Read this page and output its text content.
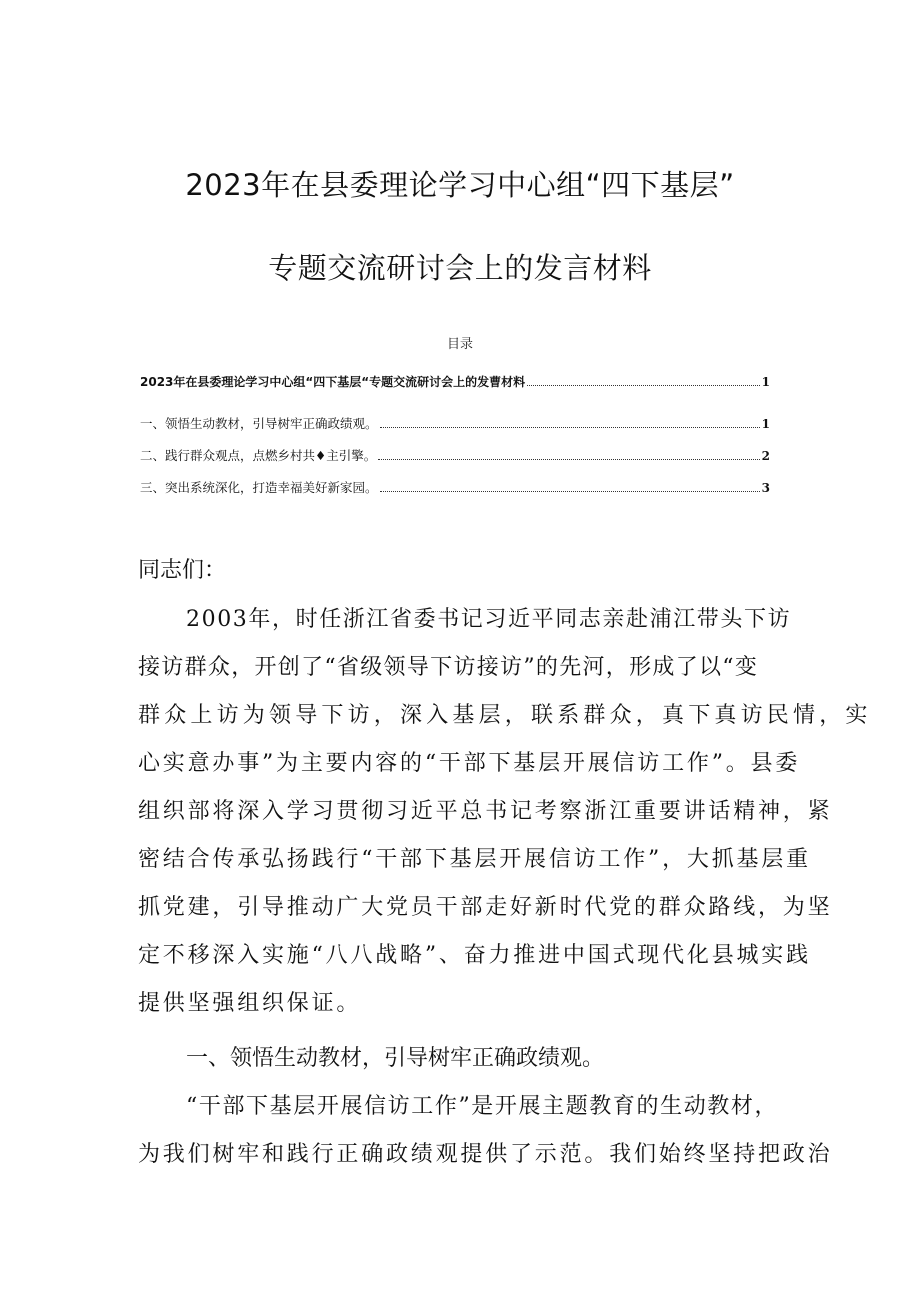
2023年在县委理论学习中心组“四下基层”
专题交流研讨会上的发言材料
目录
2023年在县委理论学习中心组“四下基层“专题交流研讨会上的发曹材料	1
一、领悟生动教材，引导树牢正确政绩观。	1
二、践行群众观点，点燃乡村共♦主引擎。	2
三、突出系统深化，打造幸福美好新家园。	3
同志们：
2003年，时任浙江省委书记习近平同志亲赴浦江带头下访
接访群众，开创了“省级领导下访接访”的先河，形成了以“变
群众上访为领导下访，深入基层，联系群众，真下真访民情，实
心实意办事”为主要内容的“干部下基层开展信访工作”。县委
组织部将深入学习贯彻习近平总书记考察浙江重要讲话精神，紧
密结合传承弘扬践行“干部下基层开展信访工作”，大抓基层重
抓党建，引导推动广大党员干部走好新时代党的群众路线，为坚
定不移深入实施“八八战略”、奋力推进中国式现代化县城实践
提供坚强组织保证。
一、领悟生动教材，引导树牢正确政绩观。
“干部下基层开展信访工作”是开展主题教育的生动教材，
为我们树牢和践行正确政绩观提供了示范。我们始终坚持把政治
